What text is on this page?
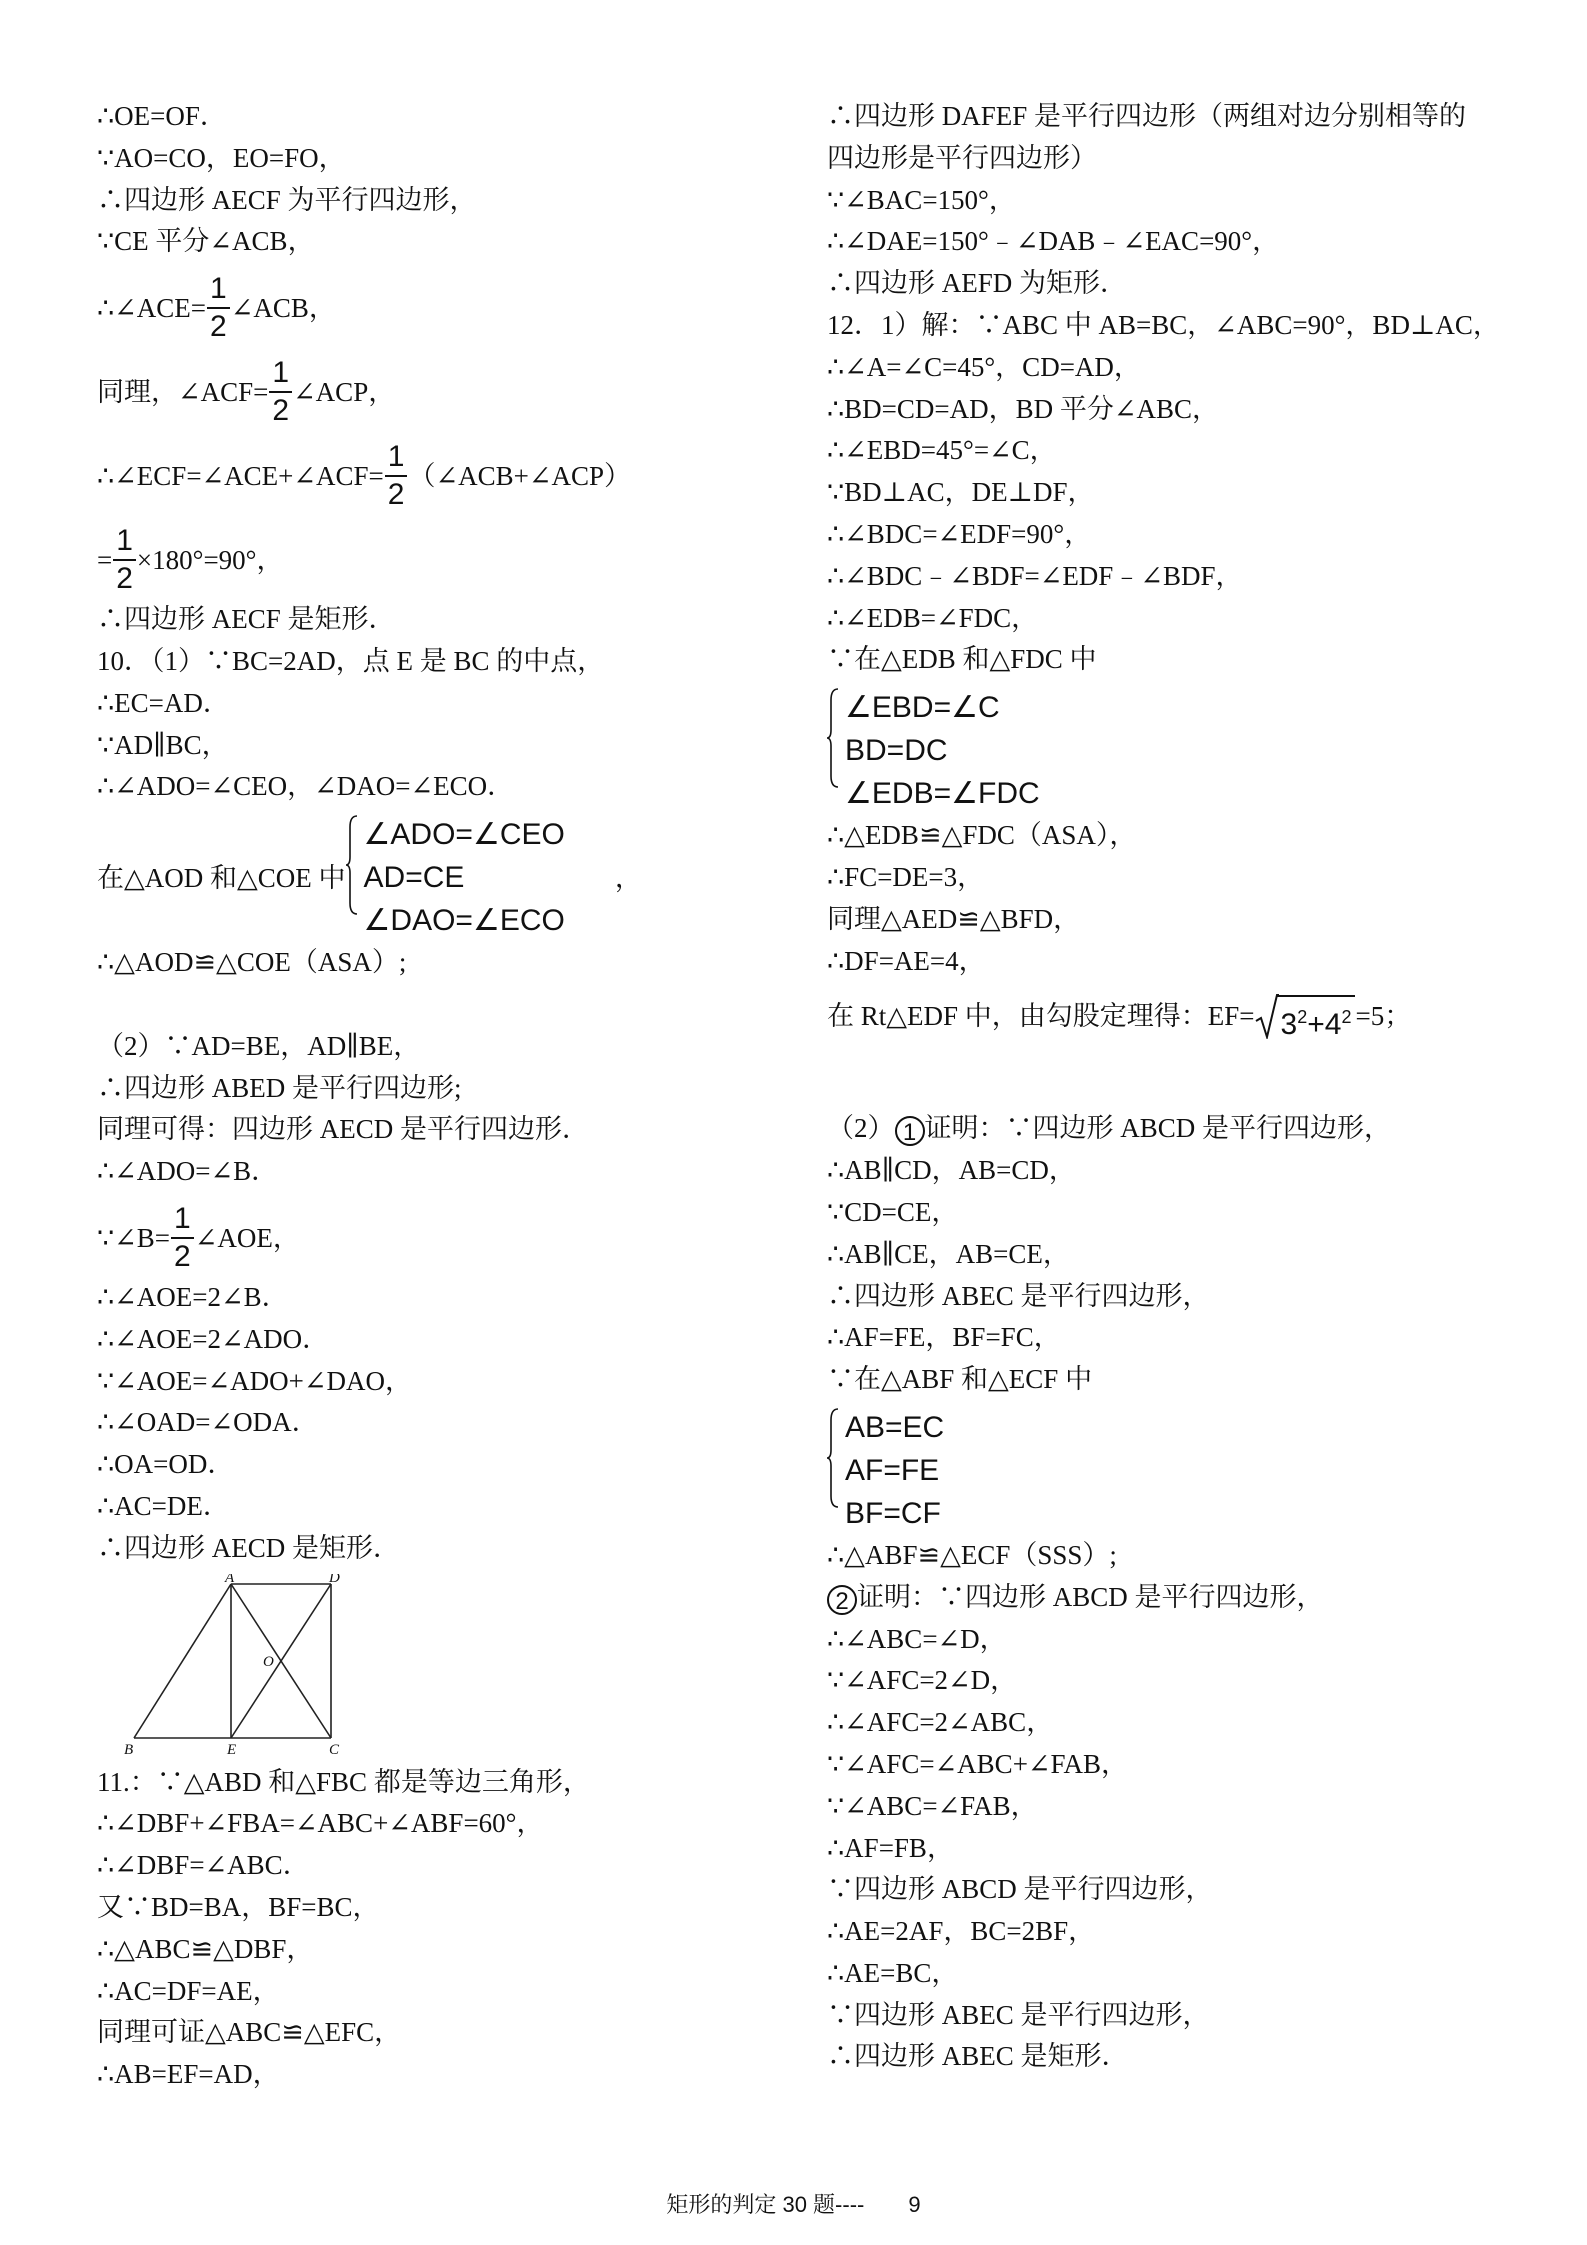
∴OE=OF．
∵AO=CO，EO=FO，
∴四边形 AECF 为平行四边形，
∵CE 平分∠ACB，
∴∠ACE= $\frac{1}{2}$ ∠ACB，
同理，∠ACF= $\frac{1}{2}$ ∠ACP，
∴∠ECF=∠ACE+∠ACF= $\frac{1}{2}$ （∠ACB+∠ACP）
= $\frac{1}{2} \times 180^\circ=90^\circ$，
∴四边形 AECF 是矩形．
10．（1）∵BC=2AD，点 E 是 BC 的中点，
∴EC=AD．
∵AD∥BC，
∴∠ADO=∠CEO，∠DAO=∠ECO．
在△AOD 和△COE 中
∠ADO=∠CEO
AD=CE
∠DAO=∠ECO
，
∴△AOD≌△COE（ASA）;
（2）∵AD=BE，AD∥BE，
∴四边形 ABED 是平行四边形;
同理可得：四边形 AECD 是平行四边形．
∴∠ADO=∠B．
∵∠B= $\frac{1}{2}$ ∠AOE，
∴∠AOE=2∠B．
∴∠AOE=2∠ADO．
∵∠AOE=∠ADO+∠DAO，
∴∠OAD=∠ODA．
∴OA=OD．
∴AC=DE．
∴四边形 AECD 是矩形．
A	D
O
B	E	C
11.：∵△ABD 和△FBC 都是等边三角形，
∴∠DBF+∠FBA=∠ABC+∠ABF=60°，
∴∠DBF=∠ABC．
又∵BD=BA，BF=BC，
∴△ABC≌△DBF，
∴AC=DF=AE，
同理可证△ABC≌△EFC，
∴AB=EF=AD，
∴四边形 DAFEF 是平行四边形（两组对边分别相等的
四边形是平行四边形）
∵∠BAC=150°，
∴∠DAE=150°﹣∠DAB﹣∠EAC=90°，
∴四边形 AEFD 为矩形．
12．1）解：∵ABC 中 AB=BC，∠ABC=90°，BD⊥AC，
∴∠A=∠C=45°，CD=AD，
∴BD=CD=AD，BD 平分∠ABC，
∴∠EBD=45°=∠C，
∵BD⊥AC，DE⊥DF，
∴∠BDC=∠EDF=90°，
∴∠BDC﹣∠BDF=∠EDF﹣∠BDF，
∴∠EDB=∠FDC，
∵在△EDB 和△FDC 中
∠EBD=∠C
BD=DC
∠EDB=∠FDC
∴△EDB≌△FDC（ASA），
∴FC=DE=3，
同理△AED≌△BFD，
∴DF=AE=4，
在 Rt△EDF 中，由勾股定理得：$EF= 3^2+4^2 =5$；
（2） 1 证明：∵四边形 ABCD 是平行四边形，
∴AB∥CD，AB=CD，
∵CD=CE，
∴AB∥CE，AB=CE，
∴四边形 ABEC 是平行四边形，
∴AF=FE，BF=FC，
∵在△ABF 和△ECF 中
AB=EC
AF=FE
BF=CF
∴△ABF≌△ECF（SSS）;
2 证明：∵四边形 ABCD 是平行四边形，
∴∠ABC=∠D，
∵∠AFC=2∠D，
∴∠AFC=2∠ABC，
∵∠AFC=∠ABC+∠FAB，
∵∠ABC=∠FAB，
∴AF=FB，
∵四边形 ABCD 是平行四边形，
∴AE=2AF，BC=2BF，
∴AE=BC，
∵四边形 ABEC 是平行四边形，
∴四边形 ABEC 是矩形．
矩形的判定 30 题---- 9
